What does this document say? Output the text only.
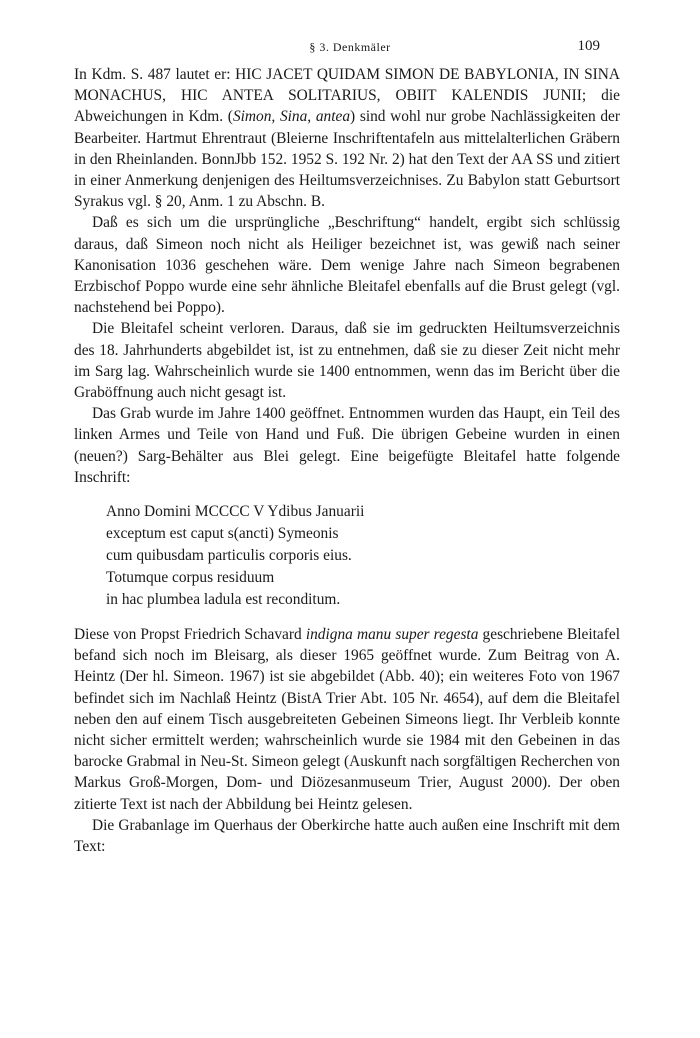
§ 3. Denkmäler	109

In Kdm. S. 487 lautet er: HIC JACET QUIDAM SIMON DE BABYLONIA, IN SINA MONACHUS, HIC ANTEA SOLITARIUS, OBIIT KALENDIS JUNII; die Abweichungen in Kdm. (Simon, Sina, antea) sind wohl nur grobe Nachlässigkeiten der Bearbeiter. Hartmut Ehrentraut (Bleierne Inschriftentafeln aus mittelalterlichen Gräbern in den Rheinlanden. BonnJbb 152. 1952 S. 192 Nr. 2) hat den Text der AA SS und zitiert in einer Anmerkung denjenigen des Heiltumsverzeichnises. Zu Babylon statt Geburtsort Syrakus vgl. § 20, Anm. 1 zu Abschn. B.

Daß es sich um die ursprüngliche „Beschriftung“ handelt, ergibt sich schlüssig daraus, daß Simeon noch nicht als Heiliger bezeichnet ist, was gewiß nach seiner Kanonisation 1036 geschehen wäre. Dem wenige Jahre nach Simeon begrabenen Erzbischof Poppo wurde eine sehr ähnliche Bleitafel ebenfalls auf die Brust gelegt (vgl. nachstehend bei Poppo).

Die Bleitafel scheint verloren. Daraus, daß sie im gedruckten Heiltumsverzeichnis des 18. Jahrhunderts abgebildet ist, ist zu entnehmen, daß sie zu dieser Zeit nicht mehr im Sarg lag. Wahrscheinlich wurde sie 1400 entnommen, wenn das im Bericht über die Graböffnung auch nicht gesagt ist.

Das Grab wurde im Jahre 1400 geöffnet. Entnommen wurden das Haupt, ein Teil des linken Armes und Teile von Hand und Fuß. Die übrigen Gebeine wurden in einen (neuen?) Sarg-Behälter aus Blei gelegt. Eine beigefügte Bleitafel hatte folgende Inschrift:

Anno Domini MCCCC V Ydibus Januarii
exceptum est caput s(ancti) Symeonis
cum quibusdam particulis corporis eius.
Totumque corpus residuum
in hac plumbea ladula est reconditum.

Diese von Propst Friedrich Schavard indigna manu super regesta geschriebene Bleitafel befand sich noch im Bleisarg, als dieser 1965 geöffnet wurde. Zum Beitrag von A. Heintz (Der hl. Simeon. 1967) ist sie abgebildet (Abb. 40); ein weiteres Foto von 1967 befindet sich im Nachlaß Heintz (BistA Trier Abt. 105 Nr. 4654), auf dem die Bleitafel neben den auf einem Tisch ausgebreiteten Gebeinen Simeons liegt. Ihr Verbleib konnte nicht sicher ermittelt werden; wahrscheinlich wurde sie 1984 mit den Gebeinen in das barocke Grabmal in Neu-St. Simeon gelegt (Auskunft nach sorgfältigen Recherchen von Markus Groß-Morgen, Dom- und Diözesanmuseum Trier, August 2000). Der oben zitierte Text ist nach der Abbildung bei Heintz gelesen.

Die Grabanlage im Querhaus der Oberkirche hatte auch außen eine Inschrift mit dem Text:
